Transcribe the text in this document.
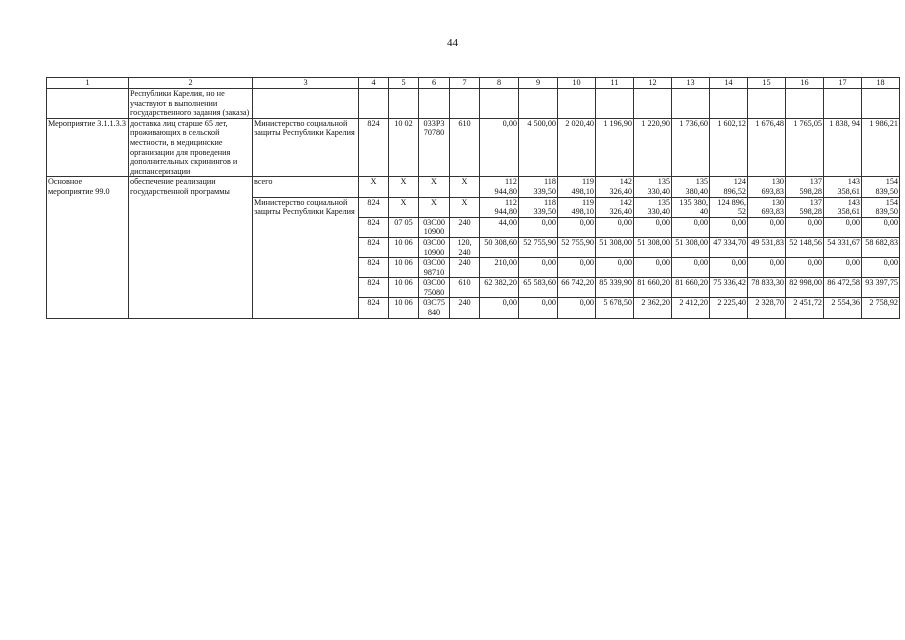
44
1	2	3	4	5	6	7	8	9	10	11	12	13	14	15	16	17	18
	Республики Карелия, но не участвуют в выполнении государственного задания (заказа)																
Мероприятие 3.1.1.3.3	доставка лиц старше 65 лет, проживающих в сельской местности, в медицинские организации для проведения дополнительных скринингов и диспансеризации	Министерство социальной защиты Республики Карелия	824	10 02	033P3 70780	610	0,00	4 500,00	2 020,40	1 196,90	1 220,90	1 736,60	1 602,12	1 676,48	1 765,05	1 838, 94	1 986,21
Основное мероприятие 99.0	обеспечение реализации государственной программы	всего	X	X	X	X	112 944,80	118 339,50	119 498,10	142 326,40	135 330,40	135 380,40	124 896,52	130 693,83	137 598,28	143 358,61	154 839,50
		Министерство социальной защиты Республики Карелия	824	X	X	X	112 944,80	118 339,50	119 498,10	142 326,40	135 330,40	135 380, 40	124 896, 52	130 693,83	137 598,28	143 358,61	154 839,50
			824	07 05	03С00 10900	240	44,00	0,00	0,00	0,00	0,00	0,00	0,00	0,00	0,00	0,00	0,00
			824	10 06	03С00 10900	120, 240	50 308,60	52 755,90	52 755,90	51 308,00	51 308,00	51 308,00	47 334,70	49 531,83	52 148,56	54 331,67	58 682,83
			824	10 06	03С00 98710	240	210,00	0,00	0,00	0,00	0,00	0,00	0,00	0,00	0,00	0,00	0,00
			824	10 06	03С00 75080	610	62 382,20	65 583,60	66 742,20	85 339,90	81 660,20	81 660,20	75 336,42	78 833,30	82 998,00	86 472,58	93 397,75
			824	10 06	03С75 840	240	0,00	0,00	0,00	5 678,50	2 362,20	2 412,20	2 225,40	2 328,70	2 451,72	2 554,36	2 758,92
